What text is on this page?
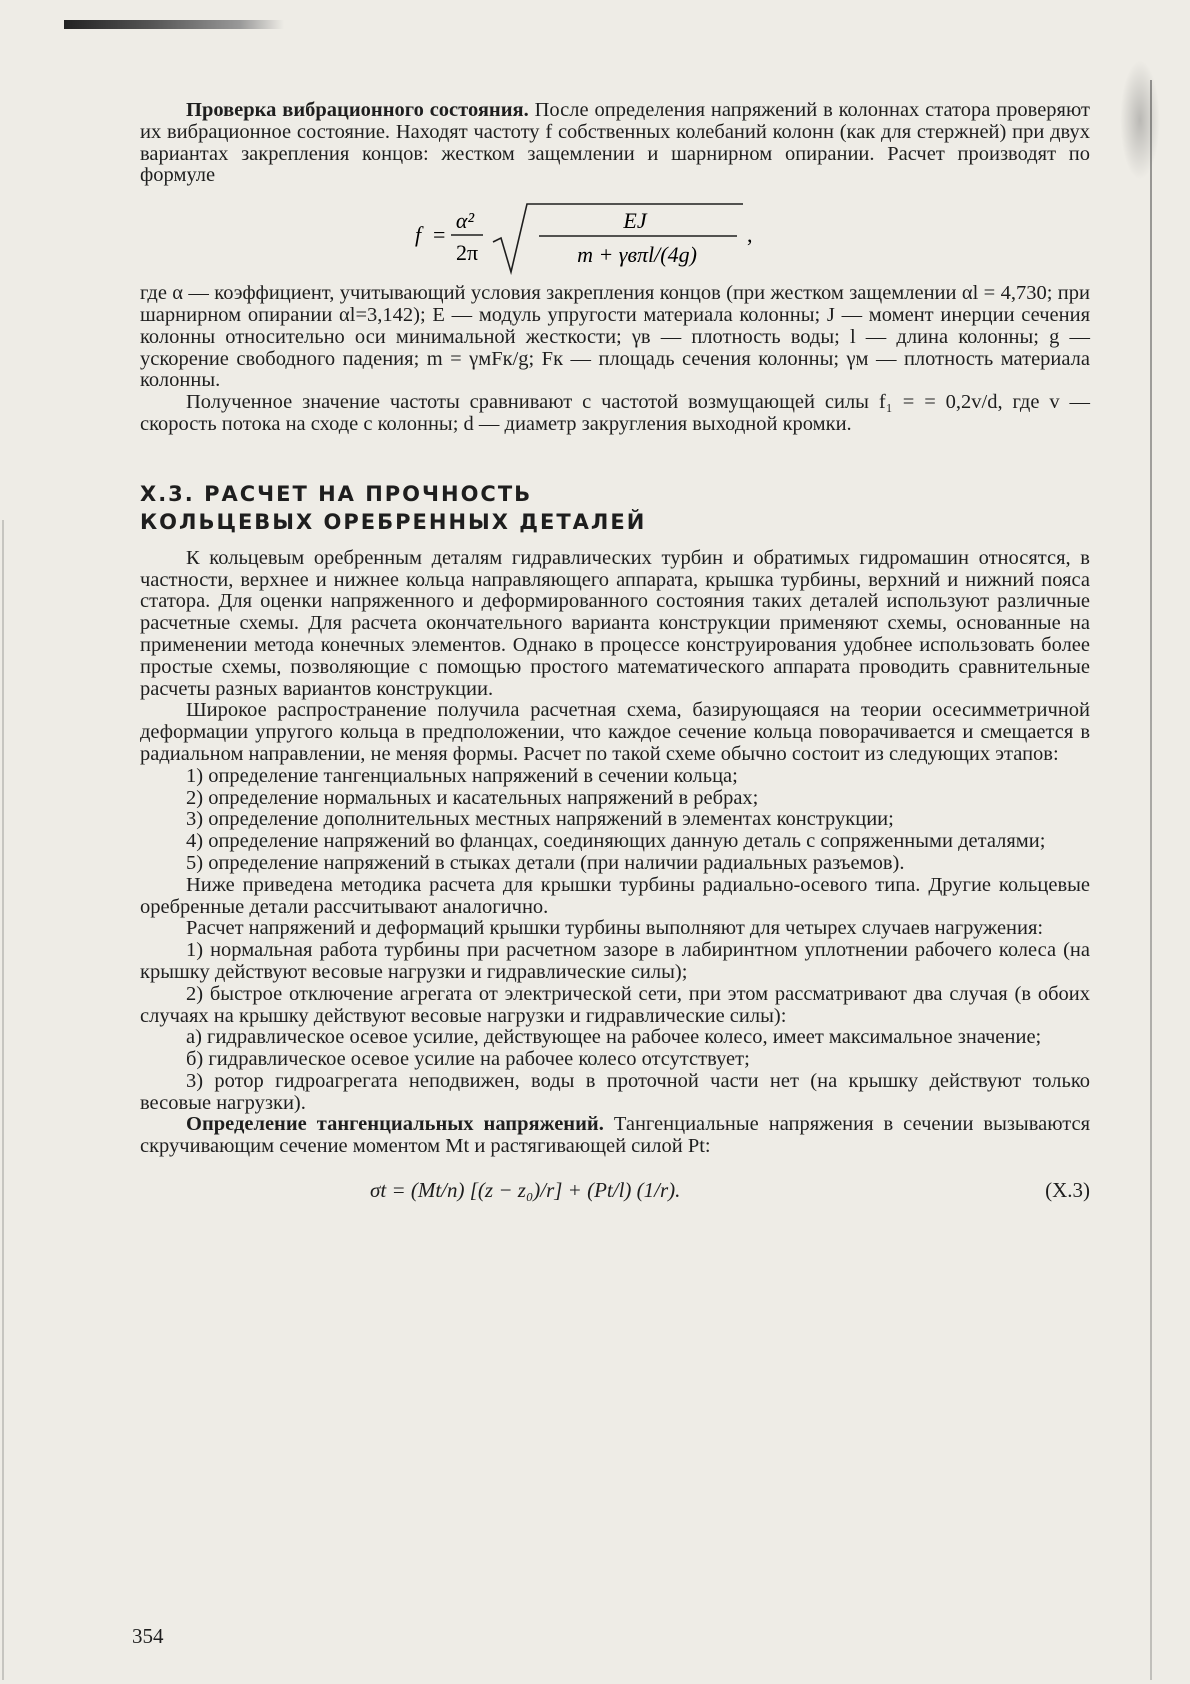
Проверка вибрационного состояния. После определения напряжений в колоннах статора проверяют их вибрационное состояние. Находят частоту f собственных колебаний колонн (как для стержней) при двух вариантах закрепления концов: жестком защемлении и шарнирном опирании. Расчет производят по формуле

f =
α²
2π
EJ
m + γвπl/(4g)
,

где α — коэффициент, учитывающий условия закрепления концов (при жестком защемлении αl = 4,730; при шарнирном опирании αl=3,142); E — модуль упругости материала колонны; J — момент инерции сечения колонны относительно оси минимальной жесткости; γв — плотность воды; l — длина колонны; g — ускорение свободного падения; m = γмFк/g; Fк — площадь сечения колонны; γм — плотность материала колонны.

Полученное значение частоты сравнивают с частотой возмущающей силы f₁ = = 0,2v/d, где v — скорость потока на сходе с колонны; d — диаметр закругления выходной кромки.

X.3. РАСЧЕТ НА ПРОЧНОСТЬ
КОЛЬЦЕВЫХ ОРЕБРЕННЫХ ДЕТАЛЕЙ

К кольцевым оребренным деталям гидравлических турбин и обратимых гидромашин относятся, в частности, верхнее и нижнее кольца направляющего аппарата, крышка турбины, верхний и нижний пояса статора. Для оценки напряженного и деформированного состояния таких деталей используют различные расчетные схемы. Для расчета окончательного варианта конструкции применяют схемы, основанные на применении метода конечных элементов. Однако в процессе конструирования удобнее использовать более простые схемы, позволяющие с помощью простого математического аппарата проводить сравнительные расчеты разных вариантов конструкции.

Широкое распространение получила расчетная схема, базирующаяся на теории осесимметричной деформации упругого кольца в предположении, что каждое сечение кольца поворачивается и смещается в радиальном направлении, не меняя формы. Расчет по такой схеме обычно состоит из следующих этапов:

1) определение тангенциальных напряжений в сечении кольца;

2) определение нормальных и касательных напряжений в ребрах;

3) определение дополнительных местных напряжений в элементах конструкции;

4) определение напряжений во фланцах, соединяющих данную деталь с сопряженными деталями;

5) определение напряжений в стыках детали (при наличии радиальных разъемов).

Ниже приведена методика расчета для крышки турбины радиально-осевого типа. Другие кольцевые оребренные детали рассчитывают аналогично.

Расчет напряжений и деформаций крышки турбины выполняют для четырех случаев нагружения:

1) нормальная работа турбины при расчетном зазоре в лабиринтном уплотнении рабочего колеса (на крышку действуют весовые нагрузки и гидравлические силы);

2) быстрое отключение агрегата от электрической сети, при этом рассматривают два случая (в обоих случаях на крышку действуют весовые нагрузки и гидравлические силы):

а) гидравлическое осевое усилие, действующее на рабочее колесо, имеет максимальное значение;

б) гидравлическое осевое усилие на рабочее колесо отсутствует;

3) ротор гидроагрегата неподвижен, воды в проточной части нет (на крышку действуют только весовые нагрузки).

Определение тангенциальных напряжений. Тангенциальные напряжения в сечении вызываются скручивающим сечение моментом Mt и растягивающей силой Pt:

σt = (Mt/n) [(z − z₀)/r] + (Pt/l) (1/r).	(X.3)
354
